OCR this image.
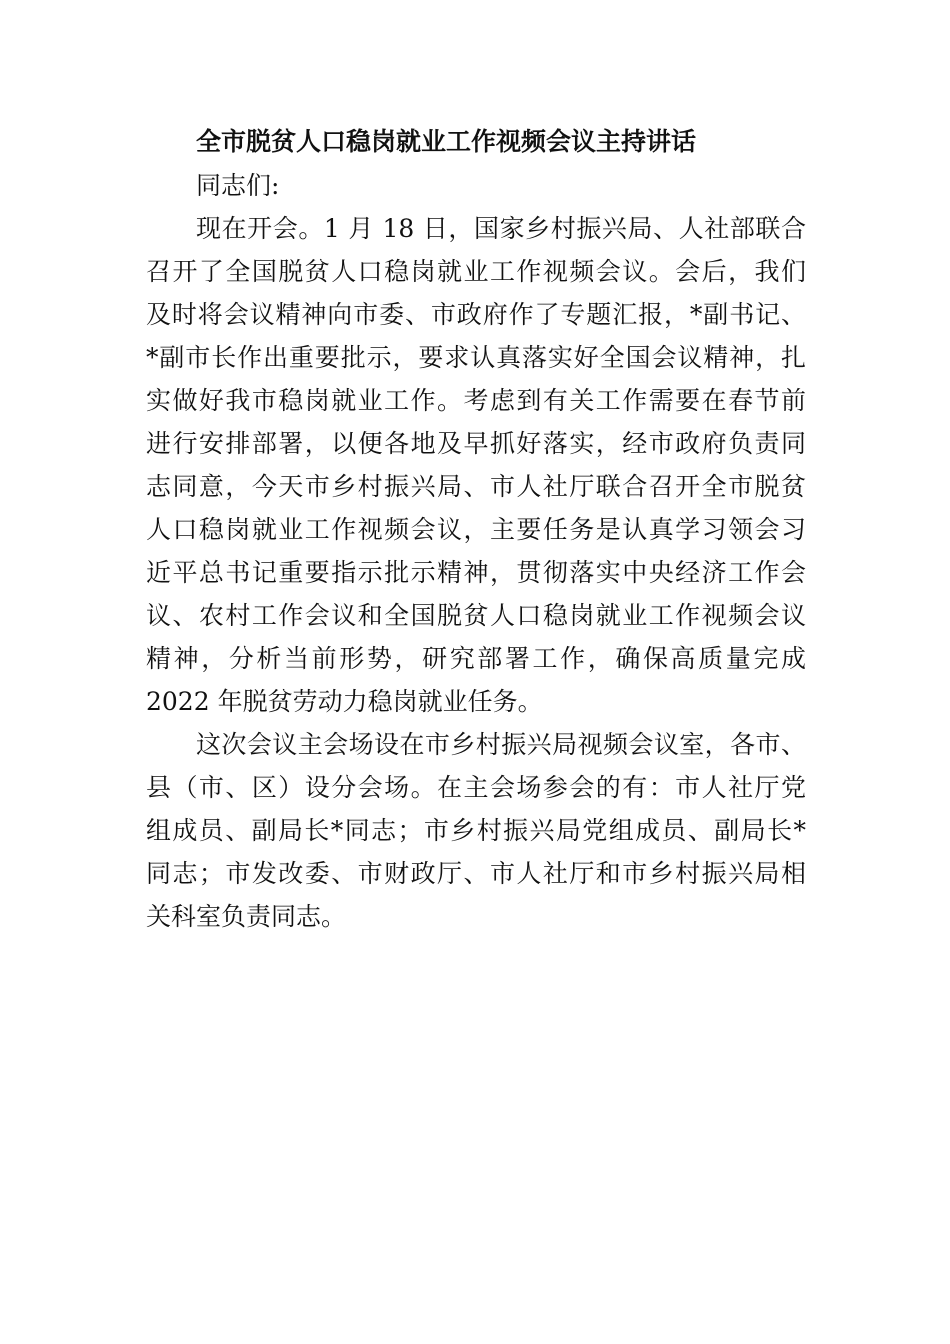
全市脱贫人口稳岗就业工作视频会议主持讲话

同志们:

现在开会。1 月 18 日，国家乡村振兴局、人社部联合

召开了全国脱贫人口稳岗就业工作视频会议。会后，我们

及时将会议精神向市委、市政府作了专题汇报，*副书记、

*副市长作出重要批示，要求认真落实好全国会议精神，扎

实做好我市稳岗就业工作。考虑到有关工作需要在春节前

进行安排部署，以便各地及早抓好落实，经市政府负责同

志同意，今天市乡村振兴局、市人社厅联合召开全市脱贫

人口稳岗就业工作视频会议，主要任务是认真学习领会习

近平总书记重要指示批示精神，贯彻落实中央经济工作会

议、农村工作会议和全国脱贫人口稳岗就业工作视频会议

精神，分析当前形势，研究部署工作，确保高质量完成

2022 年脱贫劳动力稳岗就业任务。

这次会议主会场设在市乡村振兴局视频会议室，各市、

县（市、区）设分会场。在主会场参会的有：市人社厅党

组成员、副局长*同志；市乡村振兴局党组成员、副局长*

同志；市发改委、市财政厅、市人社厅和市乡村振兴局相

关科室负责同志。
